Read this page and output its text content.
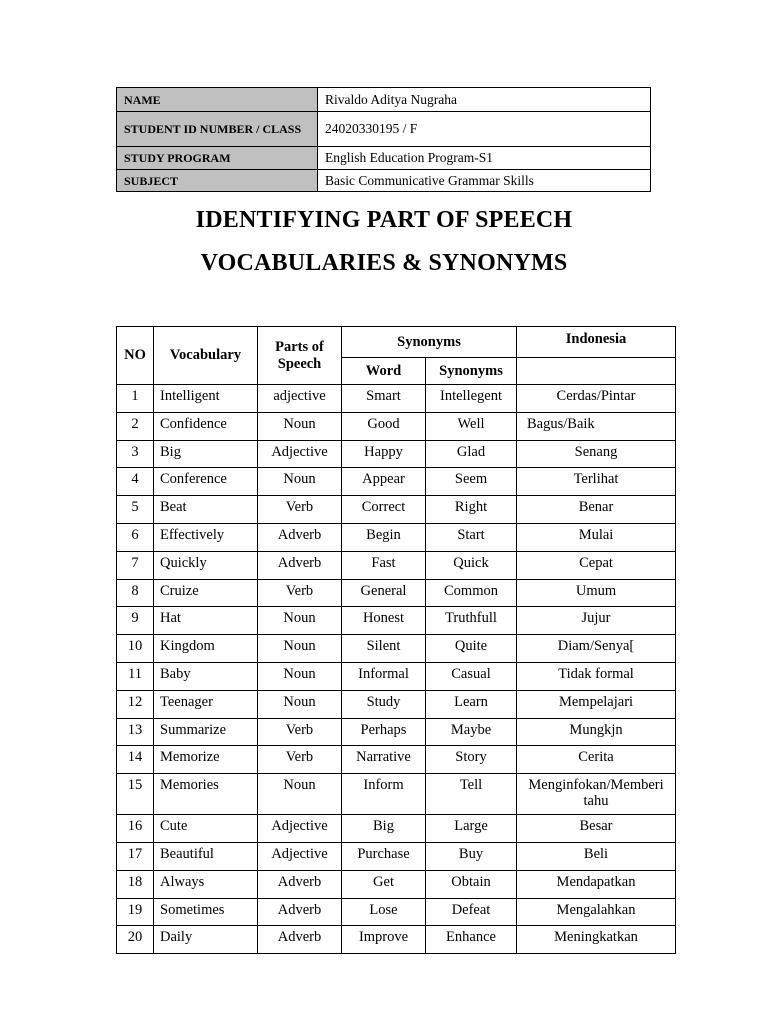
NAME	Rivaldo Aditya Nugraha
STUDENT ID NUMBER / CLASS	24020330195 / F
STUDY PROGRAM	English Education Program-S1
SUBJECT	Basic Communicative Grammar Skills
IDENTIFYING PART OF SPEECH
VOCABULARIES & SYNONYMS
NO	Vocabulary	Parts of Speech	Synonyms		Indonesia
			Word	Synonyms	
1	Intelligent	adjective	Smart	Intellegent	Cerdas/Pintar
2	Confidence	Noun	Good	Well	Bagus/Baik
3	Big	Adjective	Happy	Glad	Senang
4	Conference	Noun	Appear	Seem	Terlihat
5	Beat	Verb	Correct	Right	Benar
6	Effectively	Adverb	Begin	Start	Mulai
7	Quickly	Adverb	Fast	Quick	Cepat
8	Cruize	Verb	General	Common	Umum
9	Hat	Noun	Honest	Truthfull	Jujur
10	Kingdom	Noun	Silent	Quite	Diam/Senya[
11	Baby	Noun	Informal	Casual	Tidak formal
12	Teenager	Noun	Study	Learn	Mempelajari
13	Summarize	Verb	Perhaps	Maybe	Mungkjn
14	Memorize	Verb	Narrative	Story	Cerita
15	Memories	Noun	Inform	Tell	Menginfokan/Memberi tahu
16	Cute	Adjective	Big	Large	Besar
17	Beautiful	Adjective	Purchase	Buy	Beli
18	Always	Adverb	Get	Obtain	Mendapatkan
19	Sometimes	Adverb	Lose	Defeat	Mengalahkan
20	Daily	Adverb	Improve	Enhance	Meningkatkan
